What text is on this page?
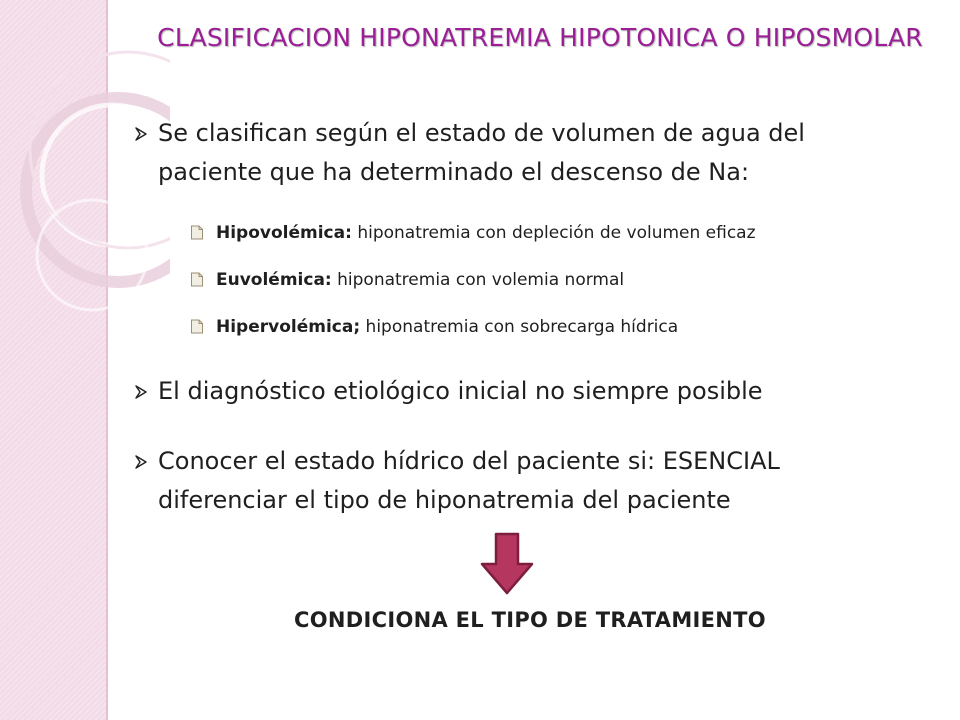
CLASIFICACION HIPONATREMIA HIPOTONICA O HIPOSMOLAR
Se clasifican según el estado de volumen de agua del paciente que ha determinado el descenso de Na:
Hipovolémica: hiponatremia con depleción de volumen eficaz
Euvolémica: hiponatremia con volemia normal
Hipervolémica; hiponatremia con sobrecarga hídrica
El diagnóstico etiológico inicial no siempre posible
Conocer el estado hídrico del paciente si: ESENCIAL diferenciar el tipo de hiponatremia del paciente
CONDICIONA EL TIPO DE TRATAMIENTO
